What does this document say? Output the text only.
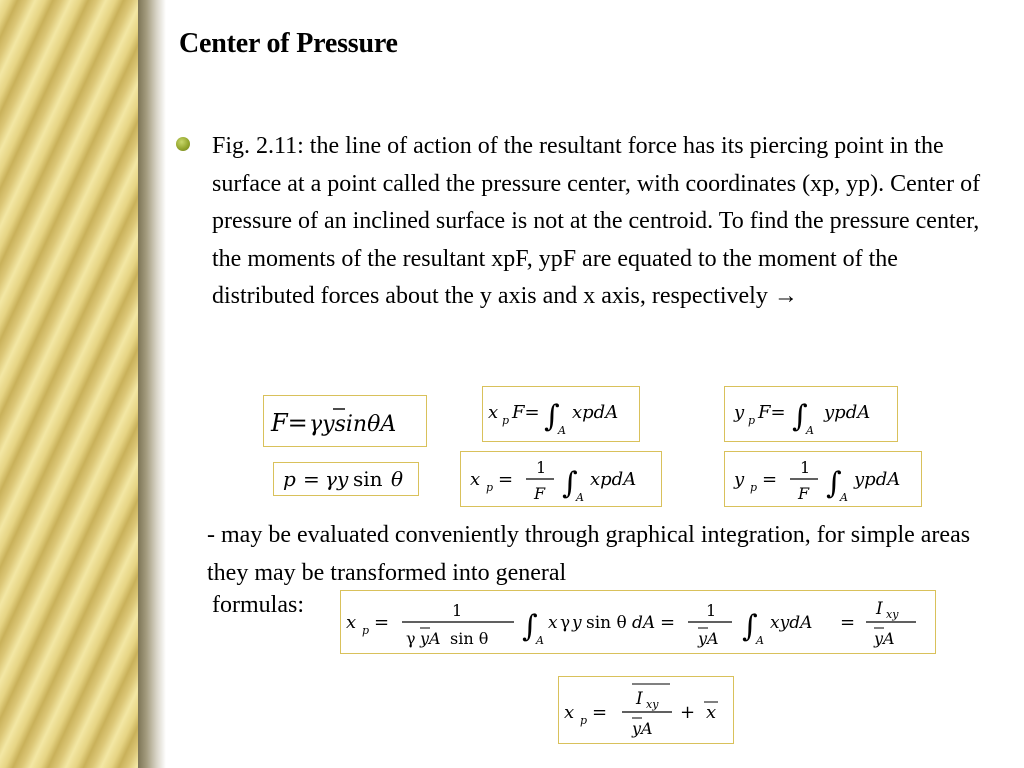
Center of Pressure
Fig. 2.11: the line of action of the resultant force has its piercing point in the surface at a point called the pressure center, with coordinates (xp, yp). Center of pressure of an inclined surface is not at the centroid. To find the pressure center, the moments of the resultant xpF, ypF are equated to the moment of the distributed forces about the y axis and x axis, respectively →
F= γysinθA	x p F= ∫
A
xpdA	y p F= ∫
A
ypdA
p = γy sin θ	x p =
1
F ∫
A
xpdA	y p =
1
F ∫
A
ypdA
- may be evaluated conveniently through graphical integration, for simple areas they may be transformed into general
formulas:
x p =
1
γ yA sin θ ∫
A
x γ y sin θ dA =
1
yA ∫
A
xydA =
I xy
yA
x p =
I xy
yA
+ x
